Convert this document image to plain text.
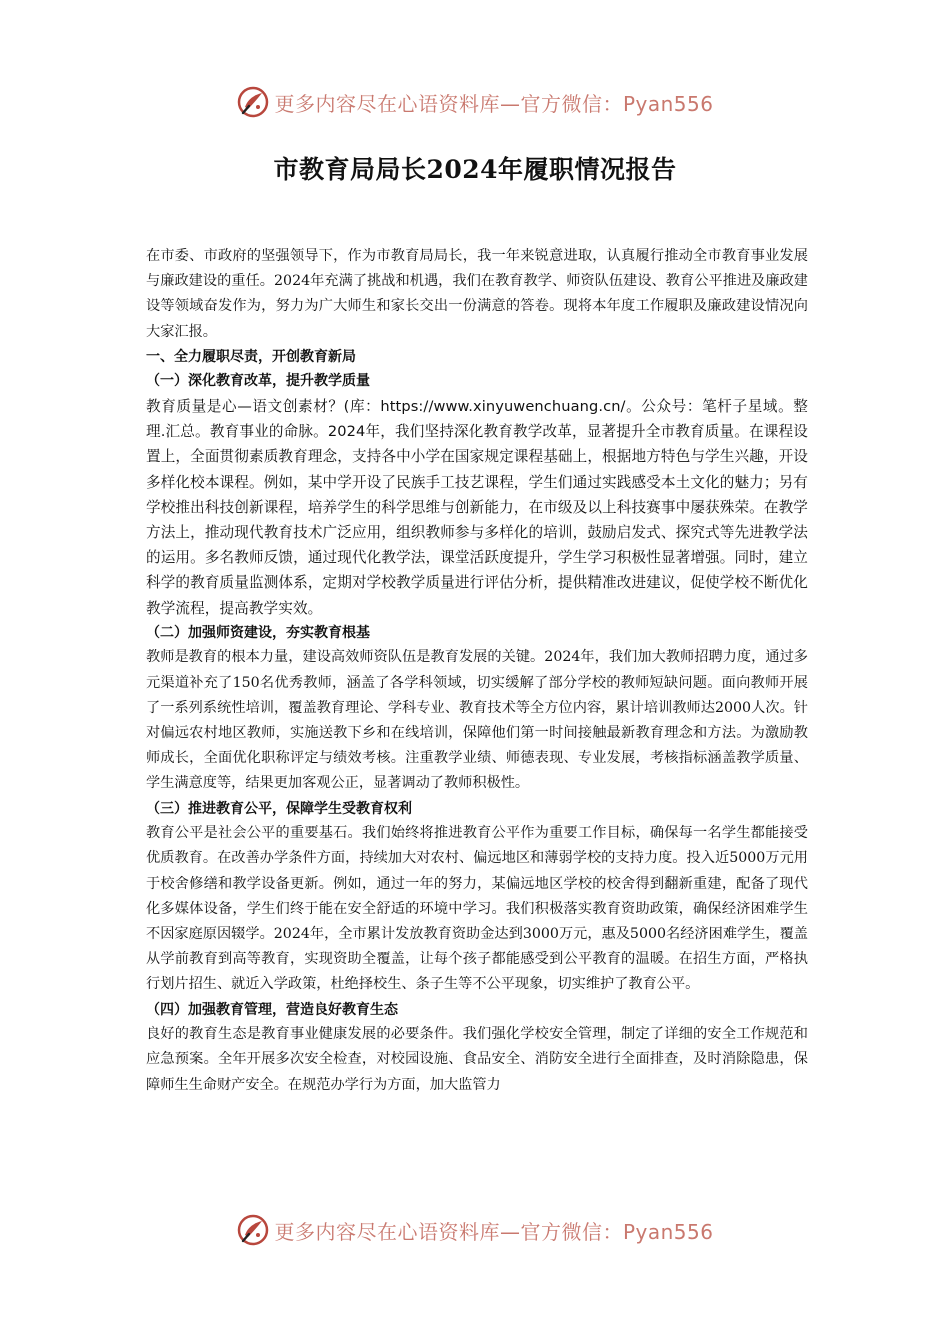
更多内容尽在心语资料库—官方微信：Pyan556
市教育局局长2024年履职情况报告

在市委、市政府的坚强领导下，作为市教育局局长，我一年来锐意进取，认真履行推动全市教育事业发展与廉政建设的重任。2024年充满了挑战和机遇，我们在教育教学、师资队伍建设、教育公平推进及廉政建设等领域奋发作为，努力为广大师生和家长交出一份满意的答卷。现将本年度工作履职及廉政建设情况向大家汇报。

一、全力履职尽责，开创教育新局

（一）深化教育改革，提升教学质量

教育质量是心—语文创素材？(库：https://www.xinyuwenchuang.cn/。公众号：笔杆子星域。整理.汇总。教育事业的命脉。2024年，我们坚持深化教育教学改革，显著提升全市教育质量。在课程设置上，全面贯彻素质教育理念，支持各中小学在国家规定课程基础上，根据地方特色与学生兴趣，开设多样化校本课程。例如，某中学开设了民族手工技艺课程，学生们通过实践感受本土文化的魅力；另有学校推出科技创新课程，培养学生的科学思维与创新能力，在市级及以上科技赛事中屡获殊荣。在教学方法上，推动现代教育技术广泛应用，组织教师参与多样化的培训，鼓励启发式、探究式等先进教学法的运用。多名教师反馈，通过现代化教学法，课堂活跃度提升，学生学习积极性显著增强。同时，建立科学的教育质量监测体系，定期对学校教学质量进行评估分析，提供精准改进建议，促使学校不断优化教学流程，提高教学实效。

（二）加强师资建设，夯实教育根基

教师是教育的根本力量，建设高效师资队伍是教育发展的关键。2024年，我们加大教师招聘力度，通过多元渠道补充了150名优秀教师，涵盖了各学科领域，切实缓解了部分学校的教师短缺问题。面向教师开展了一系列系统性培训，覆盖教育理论、学科专业、教育技术等全方位内容，累计培训教师达2000人次。针对偏远农村地区教师，实施送教下乡和在线培训，保障他们第一时间接触最新教育理念和方法。为激励教师成长，全面优化职称评定与绩效考核。注重教学业绩、师德表现、专业发展，考核指标涵盖教学质量、学生满意度等，结果更加客观公正，显著调动了教师积极性。

（三）推进教育公平，保障学生受教育权利

教育公平是社会公平的重要基石。我们始终将推进教育公平作为重要工作目标，确保每一名学生都能接受优质教育。在改善办学条件方面，持续加大对农村、偏远地区和薄弱学校的支持力度。投入近5000万元用于校舍修缮和教学设备更新。例如，通过一年的努力，某偏远地区学校的校舍得到翻新重建，配备了现代化多媒体设备，学生们终于能在安全舒适的环境中学习。我们积极落实教育资助政策，确保经济困难学生不因家庭原因辍学。2024年，全市累计发放教育资助金达到3000万元，惠及5000名经济困难学生，覆盖从学前教育到高等教育，实现资助全覆盖，让每个孩子都能感受到公平教育的温暖。在招生方面，严格执行划片招生、就近入学政策，杜绝择校生、条子生等不公平现象，切实维护了教育公平。

（四）加强教育管理，营造良好教育生态

良好的教育生态是教育事业健康发展的必要条件。我们强化学校安全管理，制定了详细的安全工作规范和应急预案。全年开展多次安全检查，对校园设施、食品安全、消防安全进行全面排查，及时消除隐患，保障师生生命财产安全。在规范办学行为方面，加大监管力

更多内容尽在心语资料库—官方微信：Pyan556
